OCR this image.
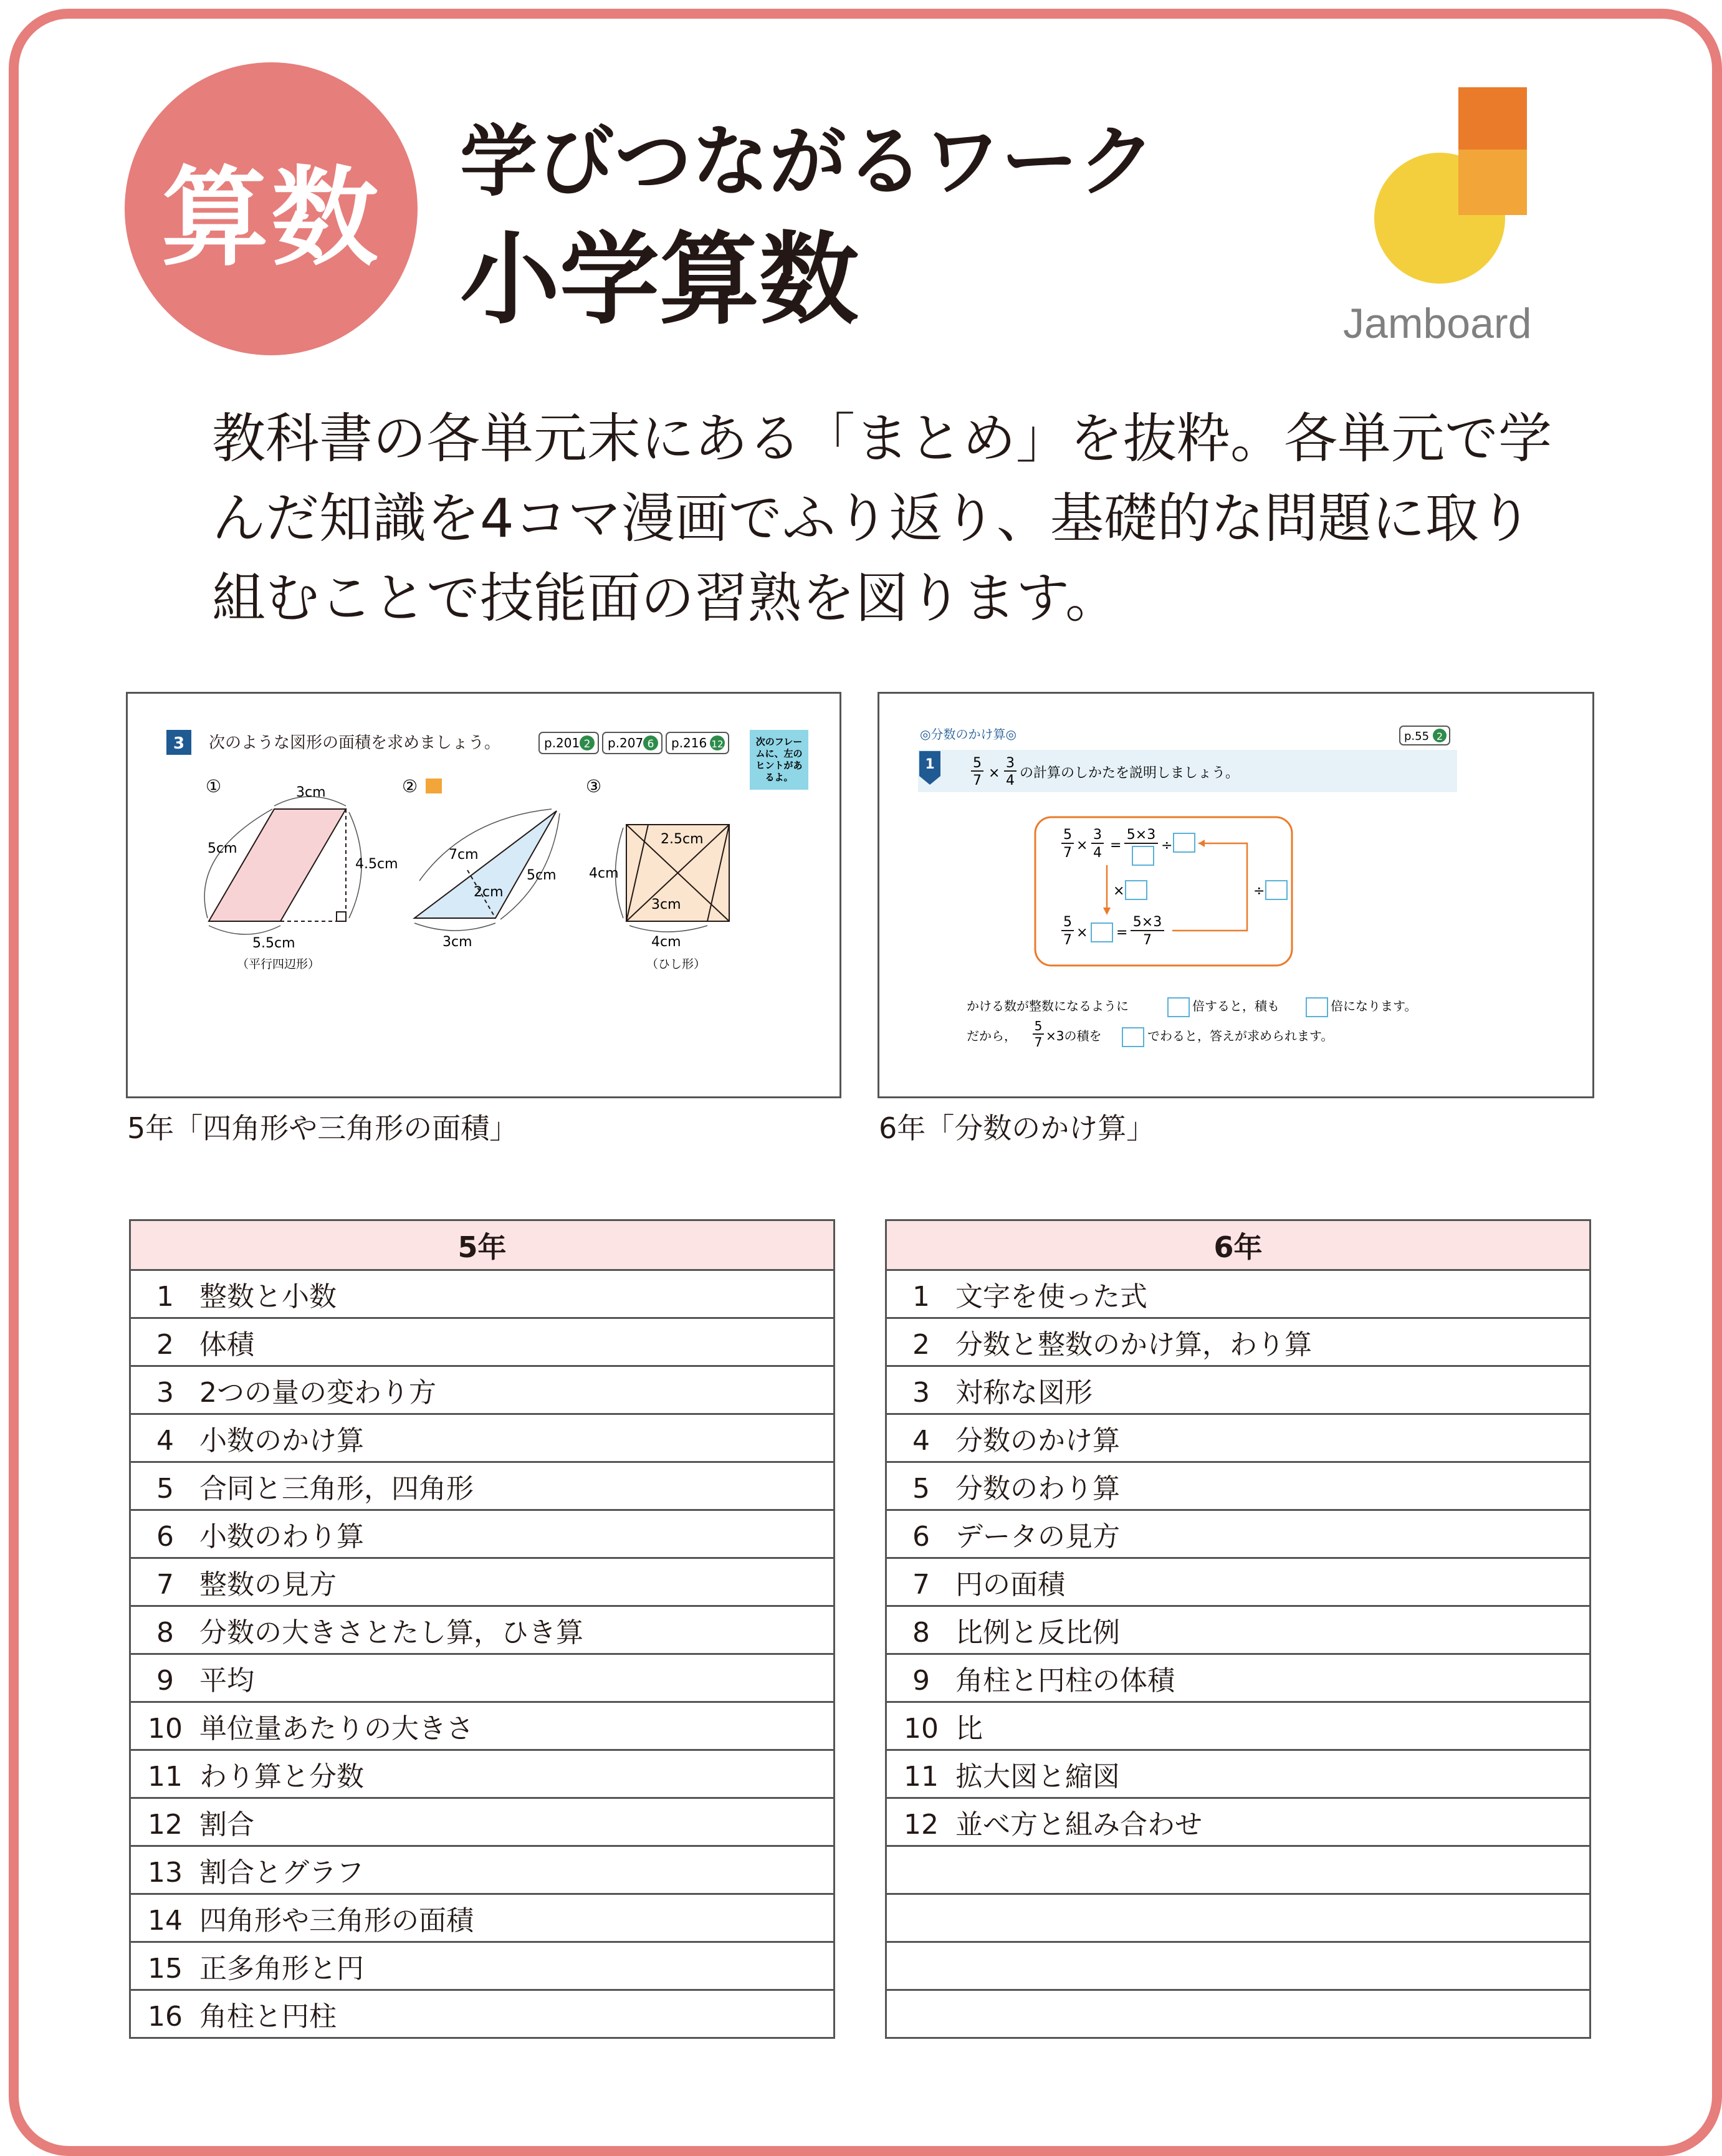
算数 学びつながるワーク
小学算数	Jamboard
教科書の各単元末にある「まとめ」を抜粋。各単元で学
んだ知識を4コマ漫画でふり返り、基礎的な問題に取り
組むことで技能面の習熟を図ります。
3 次のような図形の面積を求めましょう。	p.201 2 p.207 6 p.216 12	次のフレー
ムに、左の
ヒントがあ
るよ。
①	3cm
5cm
4.5cm
5.5cm
（平行四辺形）
②
7cm
5cm
2cm
3cm
③
2.5cm
4cm
3cm
4cm
（ひし形）
5年「四角形や三角形の面積」
◎分数のかけ算◎	p.55 2
1	5
7 ×
3
4 の計算のしかたを説明しましょう。
5
7 ×
3
4 =
5×3
÷
×	÷
5
7 × =
5×3
7
かける数が整数になるように	倍すると，積も	倍になります。
だから，
5
7 ×3の積を	でわると，答えが求められます。
6年「分数のかけ算」
5年
1 整数と小数
2 体積
3 2つの量の変わり方
4 小数のかけ算
5 合同と三角形，四角形
6 小数のわり算
7 整数の見方
8 分数の大きさとたし算，ひき算
9 平均
10 単位量あたりの大きさ
11 わり算と分数
12 割合
13 割合とグラフ
14 四角形や三角形の面積
15 正多角形と円
16 角柱と円柱
6年
1 文字を使った式
2 分数と整数のかけ算，わり算
3 対称な図形
4 分数のかけ算
5 分数のわり算
6 データの見方
7 円の面積
8 比例と反比例
9 角柱と円柱の体積
10 比
11 拡大図と縮図
12 並べ方と組み合わせ
